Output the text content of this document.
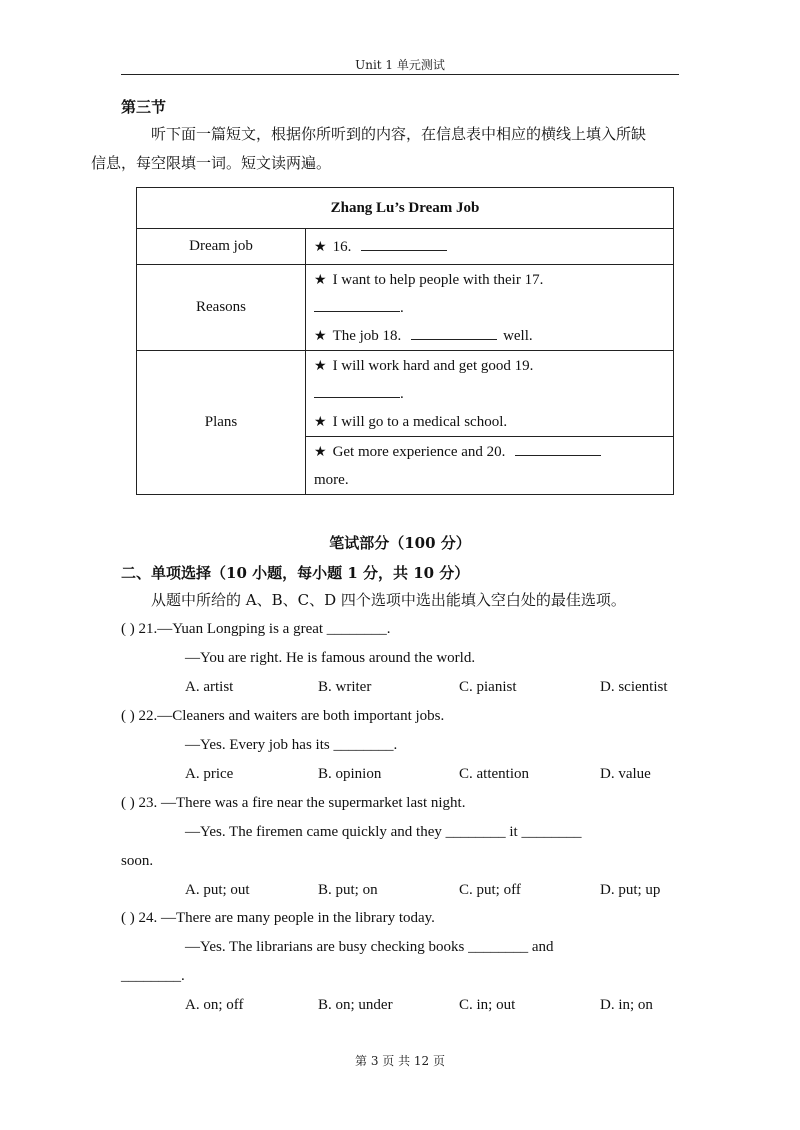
Unit 1 单元测试
第三节
听下面一篇短文，根据你所听到的内容，在信息表中相应的横线上填入所缺
信息，每空限填一词。短文读两遍。
Zhang Lu’s Dream Job	
Dream job	★ 16.
Reasons	★ I want to help people with their 17.
.
★ The job 18. well.

Plans	★ I will work hard and get good 19.
.
★ I will go to a medical school.

	★ Get more experience and 20.
more.
笔试部分（100 分）
二、单项选择（10 小题，每小题 1 分，共 10 分）
从题中所给的 A、B、C、D 四个选项中选出能填入空白处的最佳选项。
( ) 21.—Yuan Longping is a great ________.
—You are right. He is famous around the world.
A. artist	B. writer	C. pianist	D. scientist
( ) 22.—Cleaners and waiters are both important jobs.
—Yes. Every job has its ________.
A. price	B. opinion	C. attention	D. value
( ) 23. —There was a fire near the supermarket last night.
—Yes. The firemen came quickly and they ________ it ________
soon.
A. put; out	B. put; on	C. put; off	D. put; up
( ) 24. —There are many people in the library today.
—Yes. The librarians are busy checking books ________ and
________.
A. on; off	B. on; under	C. in; out	D. in; on
第 3 页 共 12 页
